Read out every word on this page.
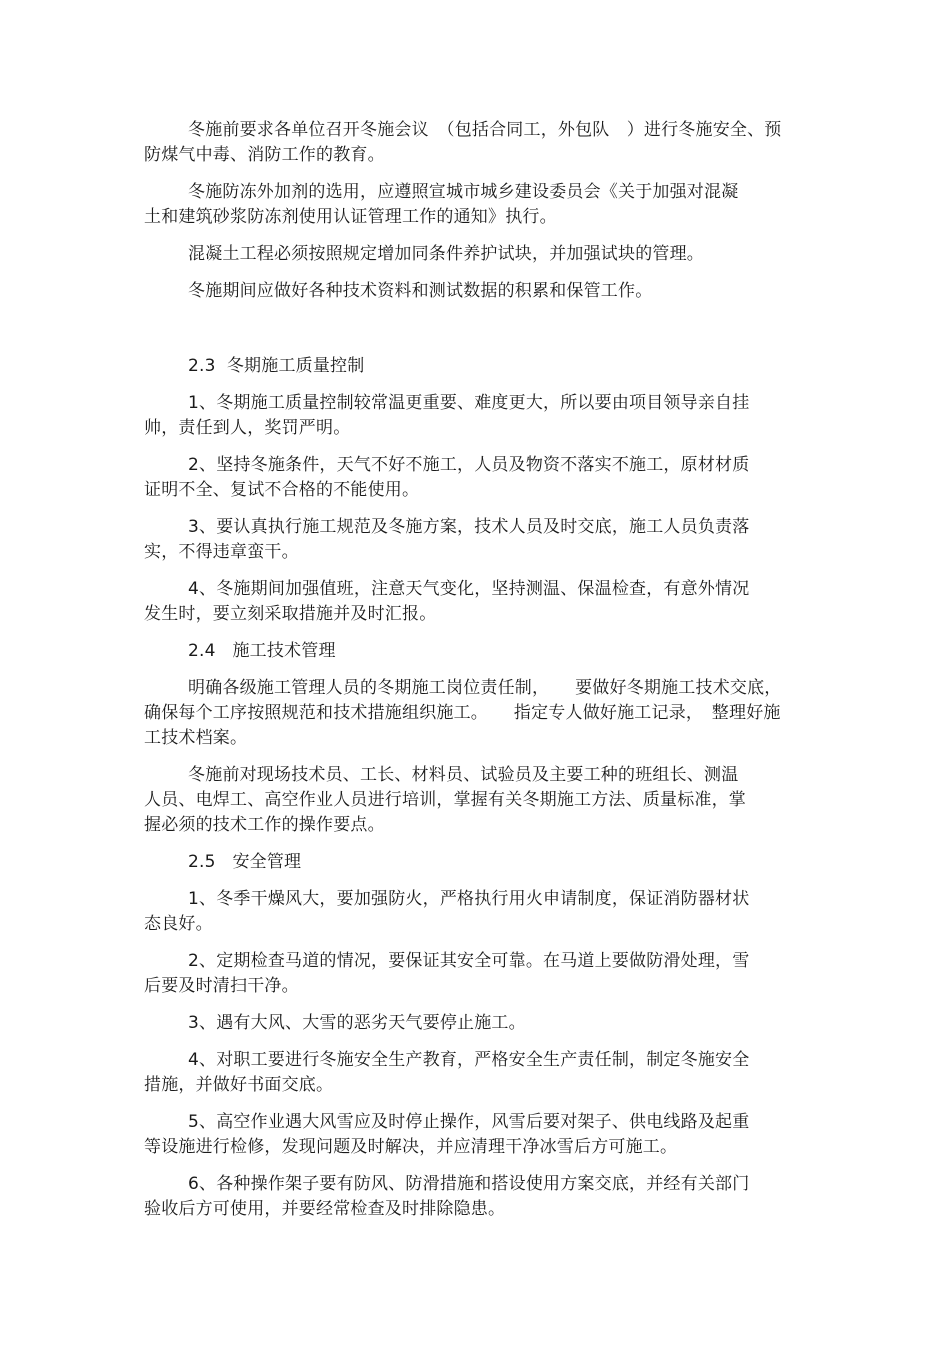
冬施前要求各单位召开冬施会议　（包括合同工，外包队　）进行冬施安全、预
防煤气中毒、消防工作的教育。
冬施防冻外加剂的选用，应遵照宣城市城乡建设委员会《关于加强对混凝
土和建筑砂浆防冻剂使用认证管理工作的通知》执行。
混凝土工程必须按照规定增加同条件养护试块，并加强试块的管理。
冬施期间应做好各种技术资料和测试数据的积累和保管工作。
2.3  冬期施工质量控制
1、冬期施工质量控制较常温更重要、难度更大，所以要由项目领导亲自挂
帅，责任到人，奖罚严明。
2、坚持冬施条件，天气不好不施工，人员及物资不落实不施工，原材材质
证明不全、复试不合格的不能使用。
3、要认真执行施工规范及冬施方案，技术人员及时交底，施工人员负责落
实，不得违章蛮干。
4、冬施期间加强值班，注意天气变化，坚持测温、保温检查，有意外情况
发生时，要立刻采取措施并及时汇报。
2.4   施工技术管理
明确各级施工管理人员的冬期施工岗位责任制，　　要做好冬期施工技术交底，
确保每个工序按照规范和技术措施组织施工。　　指定专人做好施工记录，　整理好施
工技术档案。
冬施前对现场技术员、工长、材料员、试验员及主要工种的班组长、测温
人员、电焊工、高空作业人员进行培训，掌握有关冬期施工方法、质量标准，掌
握必须的技术工作的操作要点。
2.5   安全管理
1、冬季干燥风大，要加强防火，严格执行用火申请制度，保证消防器材状
态良好。
2、定期检查马道的情况，要保证其安全可靠。在马道上要做防滑处理，雪
后要及时清扫干净。
3、遇有大风、大雪的恶劣天气要停止施工。
4、对职工要进行冬施安全生产教育，严格安全生产责任制，制定冬施安全
措施，并做好书面交底。
5、高空作业遇大风雪应及时停止操作，风雪后要对架子、供电线路及起重
等设施进行检修，发现问题及时解决，并应清理干净冰雪后方可施工。
6、各种操作架子要有防风、防滑措施和搭设使用方案交底，并经有关部门
验收后方可使用，并要经常检查及时排除隐患。
